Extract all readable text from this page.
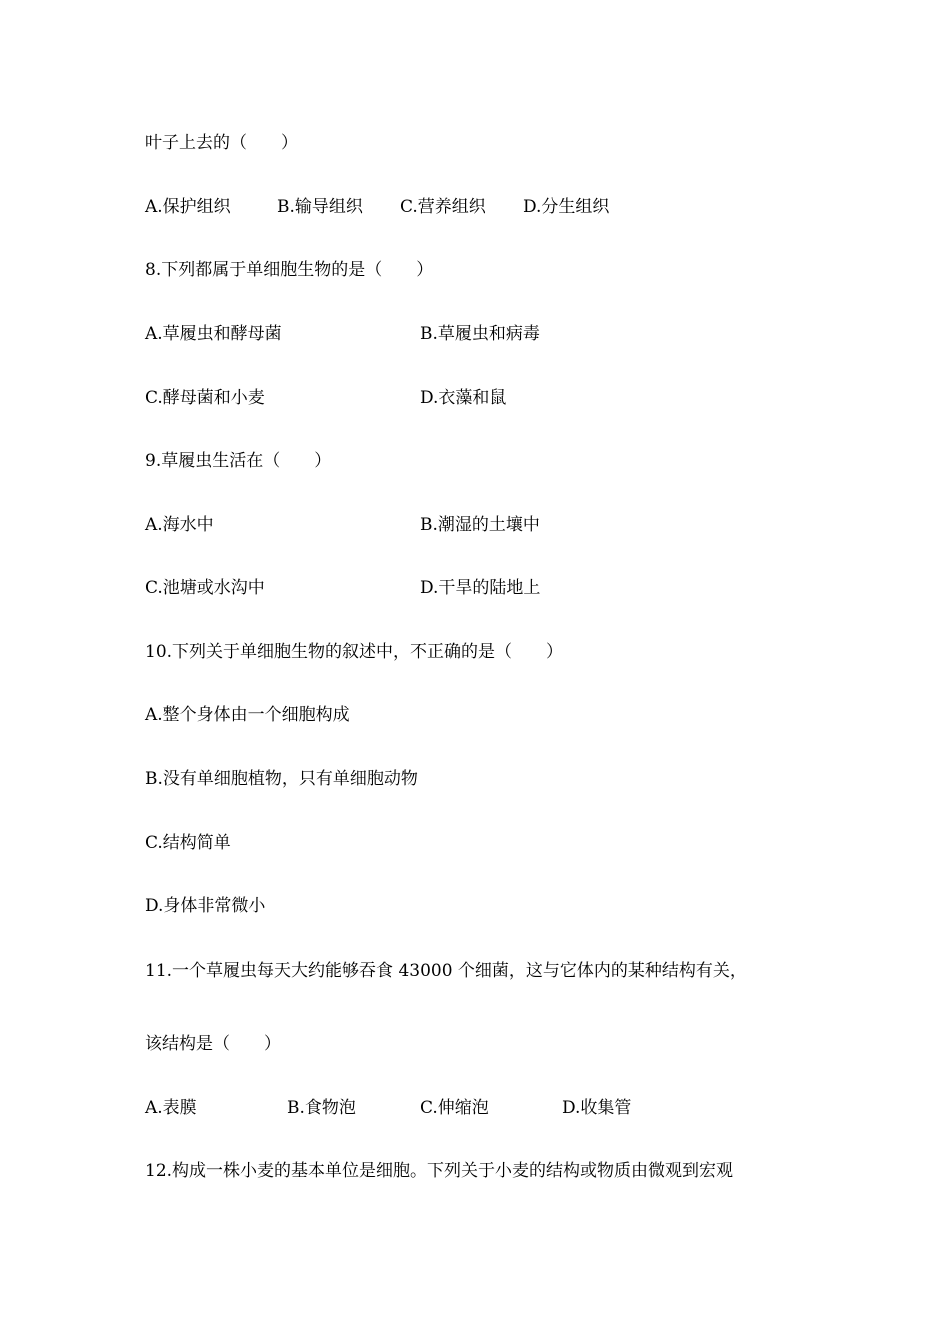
叶子上去的（　　）
A.保护组织	B.输导组织 C.营养组织 D.分生组织
8.下列都属于单细胞生物的是（　　）
A.草履虫和酵母菌	B.草履虫和病毒
C.酵母菌和小麦	D.衣藻和鼠
9.草履虫生活在（　　）
A.海水中	B.潮湿的土壤中
C.池塘或水沟中	D.干旱的陆地上
10.下列关于单细胞生物的叙述中，不正确的是（　　）
A.整个身体由一个细胞构成
B.没有单细胞植物，只有单细胞动物
C.结构简单
D.身体非常微小
11.一个草履虫每天大约能够吞食 43000 个细菌，这与它体内的某种结构有关，
该结构是（　　）
A.表膜	B.食物泡	C.伸缩泡	D.收集管
12.构成一株小麦的基本单位是细胞。下列关于小麦的结构或物质由微观到宏观
